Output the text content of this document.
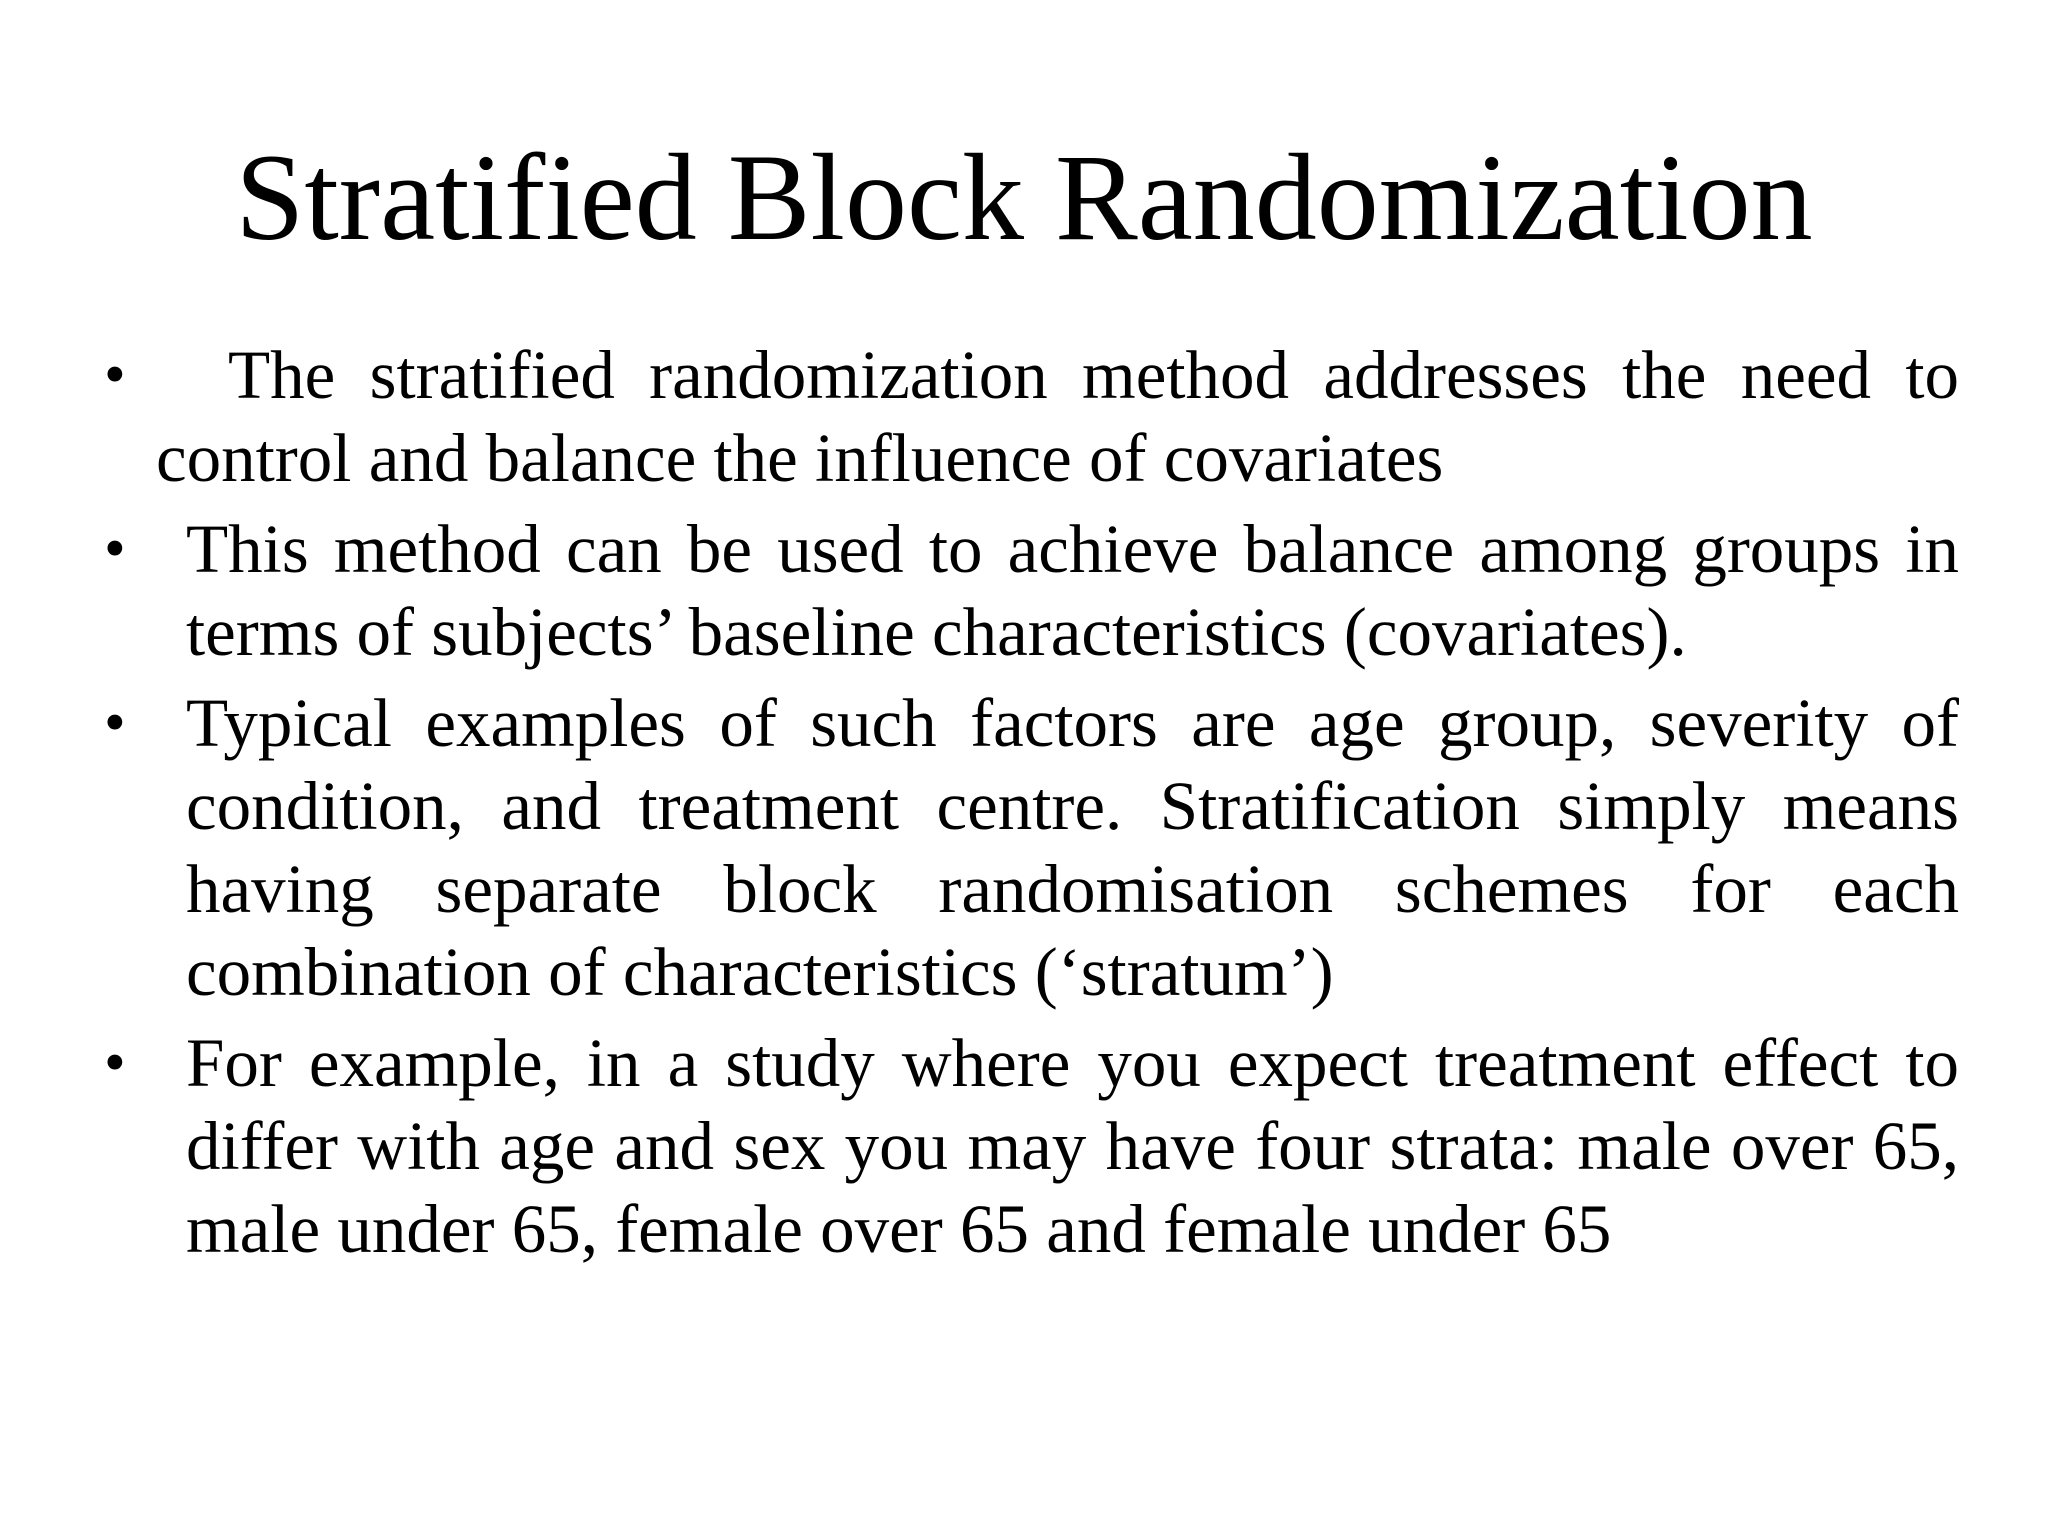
Stratified Block Randomization
•	The stratified randomization method addresses the need to control and balance the influence of covariates
• This method can be used to achieve balance among groups in terms of subjects’ baseline characteristics (covariates).
• Typical examples of such factors are age group, severity of condition, and treatment centre. Stratification simply means having separate block randomisation schemes for each combination of characteristics (‘stratum’)
• For example, in a study where you expect treatment effect to differ with age and sex you may have four strata: male over 65, male under 65, female over 65 and female under 65
